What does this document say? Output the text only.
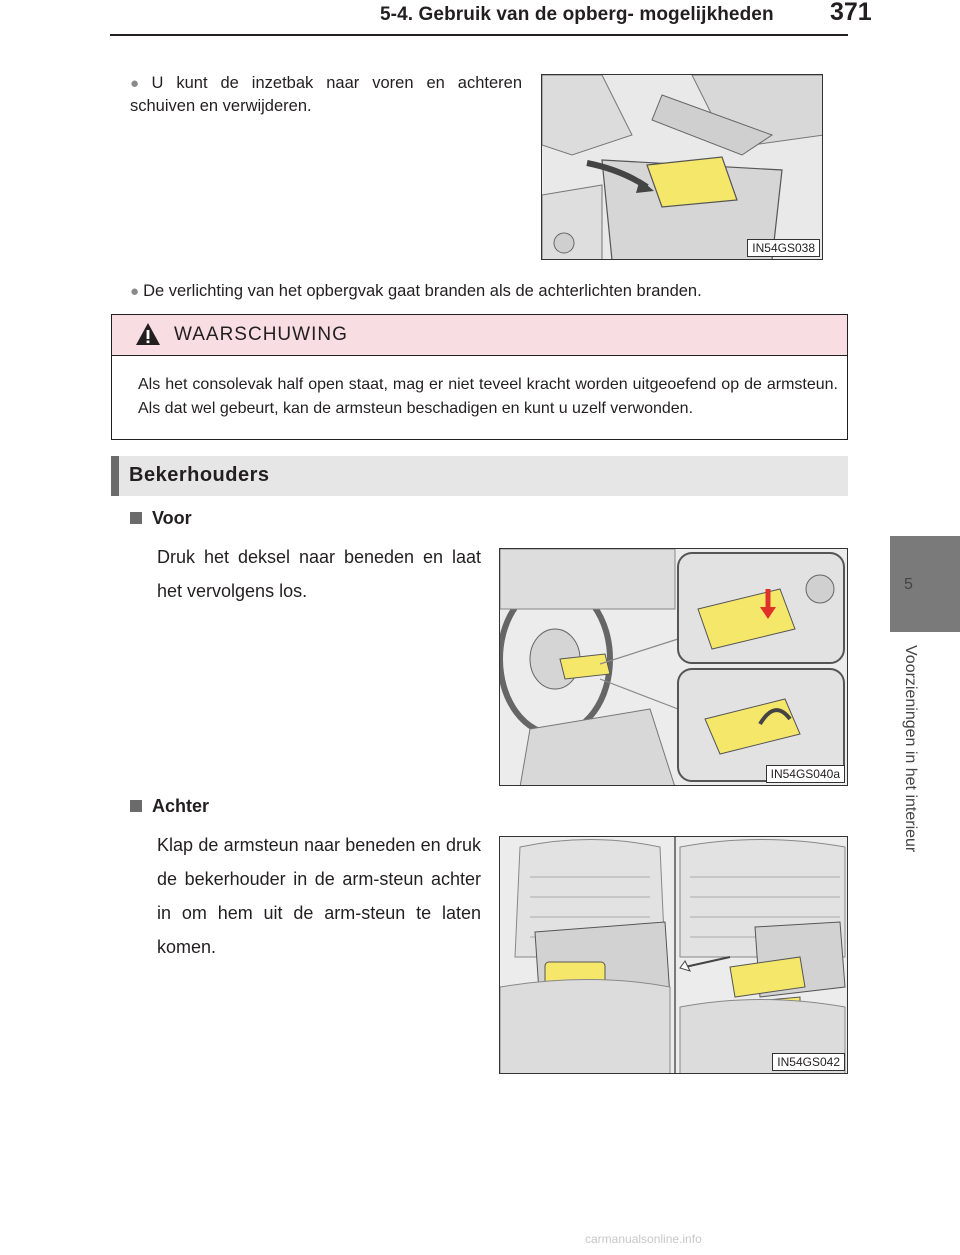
5-4. Gebruik van de opberg- mogelijkheden 371
5
Voorzieningen in het interieur
● U kunt de inzetbak naar voren en achteren schuiven en verwijderen.
IN54GS038
● De verlichting van het opbergvak gaat branden als de achterlichten branden.
WAARSCHUWING
Als het consolevak half open staat, mag er niet teveel kracht worden uitgeoefend op de armsteun. Als dat wel gebeurt, kan de armsteun beschadigen en kunt u uzelf verwonden.
Bekerhouders
Voor
Druk het deksel naar beneden en laat het vervolgens los.
IN54GS040a
Achter
Klap de armsteun naar beneden en druk de bekerhouder in de arm-steun achter in om hem uit de arm-steun te laten komen.
IN54GS042
carmanualsonline.info
